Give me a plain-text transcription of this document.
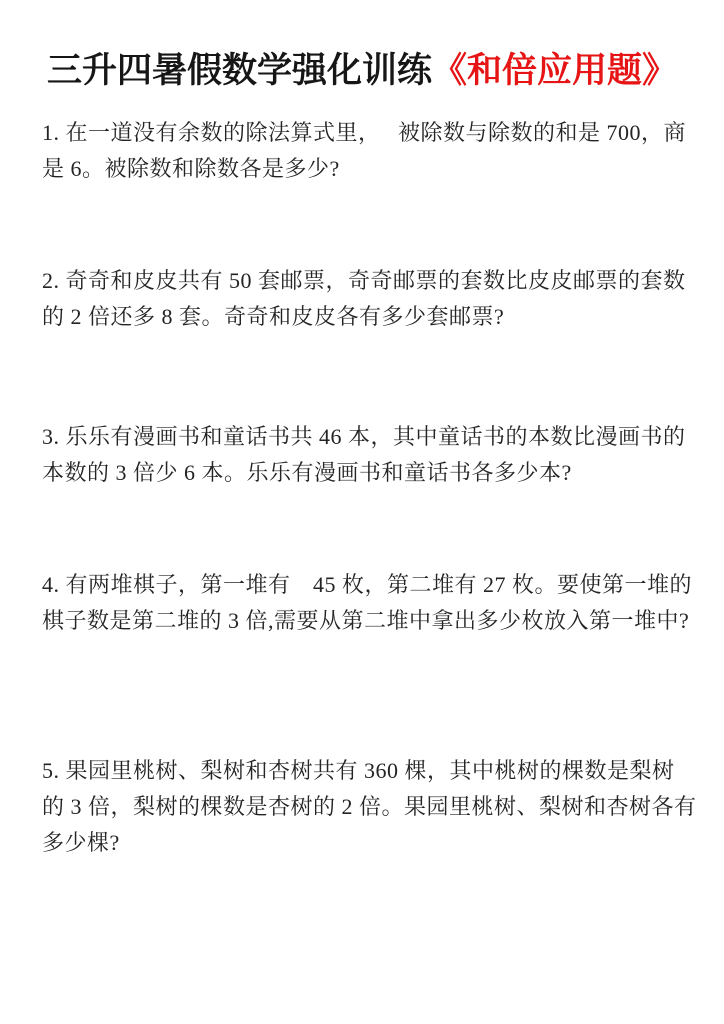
三升四暑假数学强化训练《和倍应用题》
1. 在一道没有余数的除法算式里，　 被除数与除数的和是 700，商
是 6。被除数和除数各是多少?
2. 奇奇和皮皮共有 50 套邮票，奇奇邮票的套数比皮皮邮票的套数
的 2 倍还多 8 套。奇奇和皮皮各有多少套邮票?
3. 乐乐有漫画书和童话书共 46 本，其中童话书的本数比漫画书的
本数的 3 倍少 6 本。乐乐有漫画书和童话书各多少本?
4. 有两堆棋子，第一堆有　45 枚，第二堆有 27 枚。要使第一堆的
棋子数是第二堆的 3 倍,需要从第二堆中拿出多少枚放入第一堆中?
5. 果园里桃树、梨树和杏树共有 360 棵，其中桃树的棵数是梨树
的 3 倍，梨树的棵数是杏树的 2 倍。果园里桃树、梨树和杏树各有
多少棵?
